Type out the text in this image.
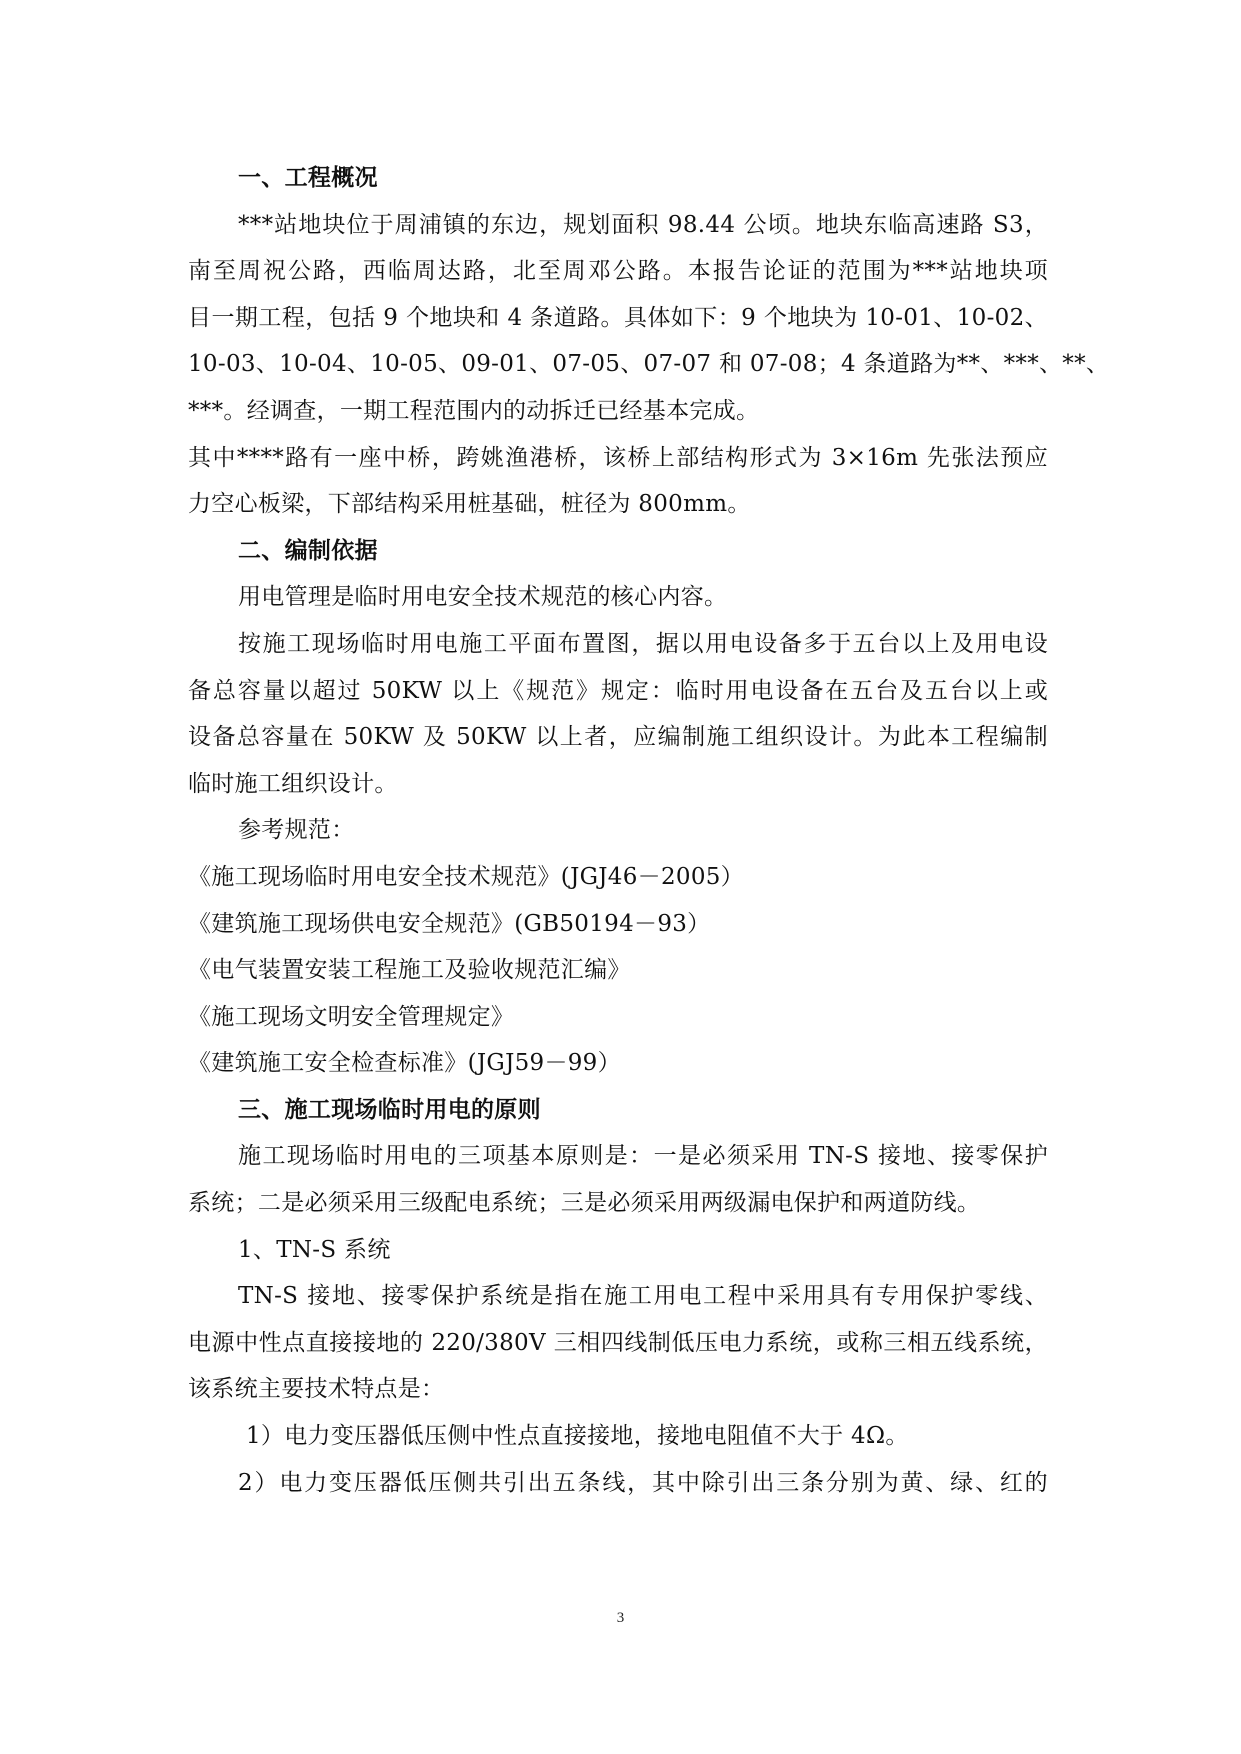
一、工程概况
***站地块位于周浦镇的东边，规划面积 98.44 公顷。地块东临高速路 S3，
南至周祝公路，西临周达路，北至周邓公路。本报告论证的范围为***站地块项
目一期工程，包括 9 个地块和 4 条道路。具体如下：9 个地块为 10-01、10-02、
10-03、10-04、10-05、09-01、07-05、07-07 和 07-08；4 条道路为**、***、**、
***。经调查，一期工程范围内的动拆迁已经基本完成。
其中****路有一座中桥，跨姚渔港桥，该桥上部结构形式为 3×16m 先张法预应
力空心板梁，下部结构采用桩基础，桩径为 800mm。
二、编制依据
用电管理是临时用电安全技术规范的核心内容。
按施工现场临时用电施工平面布置图，据以用电设备多于五台以上及用电设
备总容量以超过 50KW 以上《规范》规定：临时用电设备在五台及五台以上或
设备总容量在 50KW 及 50KW 以上者，应编制施工组织设计。为此本工程编制
临时施工组织设计。
参考规范：
《施工现场临时用电安全技术规范》(JGJ46－2005）
《建筑施工现场供电安全规范》(GB50194－93）
《电气装置安装工程施工及验收规范汇编》
《施工现场文明安全管理规定》
《建筑施工安全检查标准》(JGJ59－99）
三、施工现场临时用电的原则
施工现场临时用电的三项基本原则是：一是必须采用 TN-S 接地、接零保护
系统；二是必须采用三级配电系统；三是必须采用两级漏电保护和两道防线。
1、TN-S 系统
TN-S 接地、接零保护系统是指在施工用电工程中采用具有专用保护零线、
电源中性点直接接地的 220/380V 三相四线制低压电力系统，或称三相五线系统，
该系统主要技术特点是：
1）电力变压器低压侧中性点直接接地，接地电阻值不大于 4Ω。
2）电力变压器低压侧共引出五条线，其中除引出三条分别为黄、绿、红的
3
